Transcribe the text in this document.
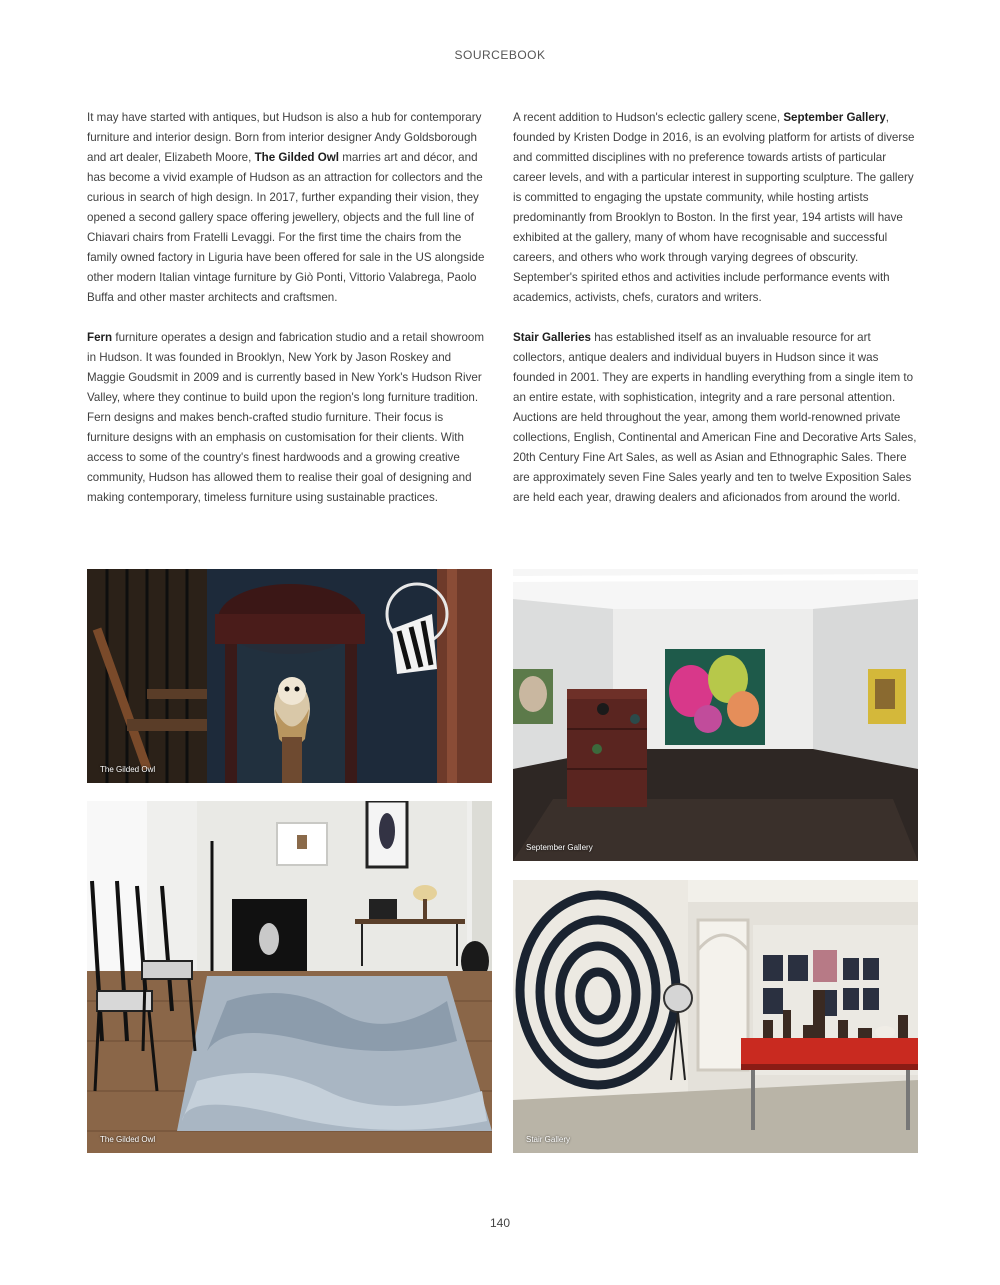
SOURCEBOOK

It may have started with antiques, but Hudson is also a hub for contemporary furniture and interior design. Born from interior designer Andy Goldsborough and art dealer, Elizabeth Moore, The Gilded Owl marries art and décor, and has become a vivid example of Hudson as an attraction for collectors and the curious in search of high design. In 2017, further expanding their vision, they opened a second gallery space offering jewellery, objects and the full line of Chiavari chairs from Fratelli Levaggi. For the first time the chairs from the family owned factory in Liguria have been offered for sale in the US alongside other modern Italian vintage furniture by Giò Ponti, Vittorio Valabrega, Paolo Buffa and other master architects and craftsmen.

Fern furniture operates a design and fabrication studio and a retail showroom in Hudson. It was founded in Brooklyn, New York by Jason Roskey and Maggie Goudsmit in 2009 and is currently based in New York's Hudson River Valley, where they continue to build upon the region's long furniture tradition. Fern designs and makes bench-crafted studio furniture. Their focus is furniture designs with an emphasis on customisation for their clients. With access to some of the country's finest hardwoods and a growing creative community, Hudson has allowed them to realise their goal of designing and making contemporary, timeless furniture using sustainable practices.

A recent addition to Hudson's eclectic gallery scene, September Gallery, founded by Kristen Dodge in 2016, is an evolving platform for artists of diverse and committed disciplines with no preference towards artists of particular career levels, and with a particular interest in supporting sculpture. The gallery is committed to engaging the upstate community, while hosting artists predominantly from Brooklyn to Boston. In the first year, 194 artists will have exhibited at the gallery, many of whom have recognisable and successful careers, and others who work through varying degrees of obscurity. September's spirited ethos and activities include performance events with academics, activists, chefs, curators and writers.

Stair Galleries has established itself as an invaluable resource for art collectors, antique dealers and individual buyers in Hudson since it was founded in 2001. They are experts in handling everything from a single item to an entire estate, with sophistication, integrity and a rare personal attention. Auctions are held throughout the year, among them world-renowned private collections, English, Continental and American Fine and Decorative Arts Sales, 20th Century Fine Art Sales, as well as Asian and Ethnographic Sales. There are approximately seven Fine Sales yearly and ten to twelve Exposition Sales are held each year, drawing dealers and aficionados from around the world.

The Gilded Owl
September Gallery
The Gilded Owl	Stair Gallery
140
